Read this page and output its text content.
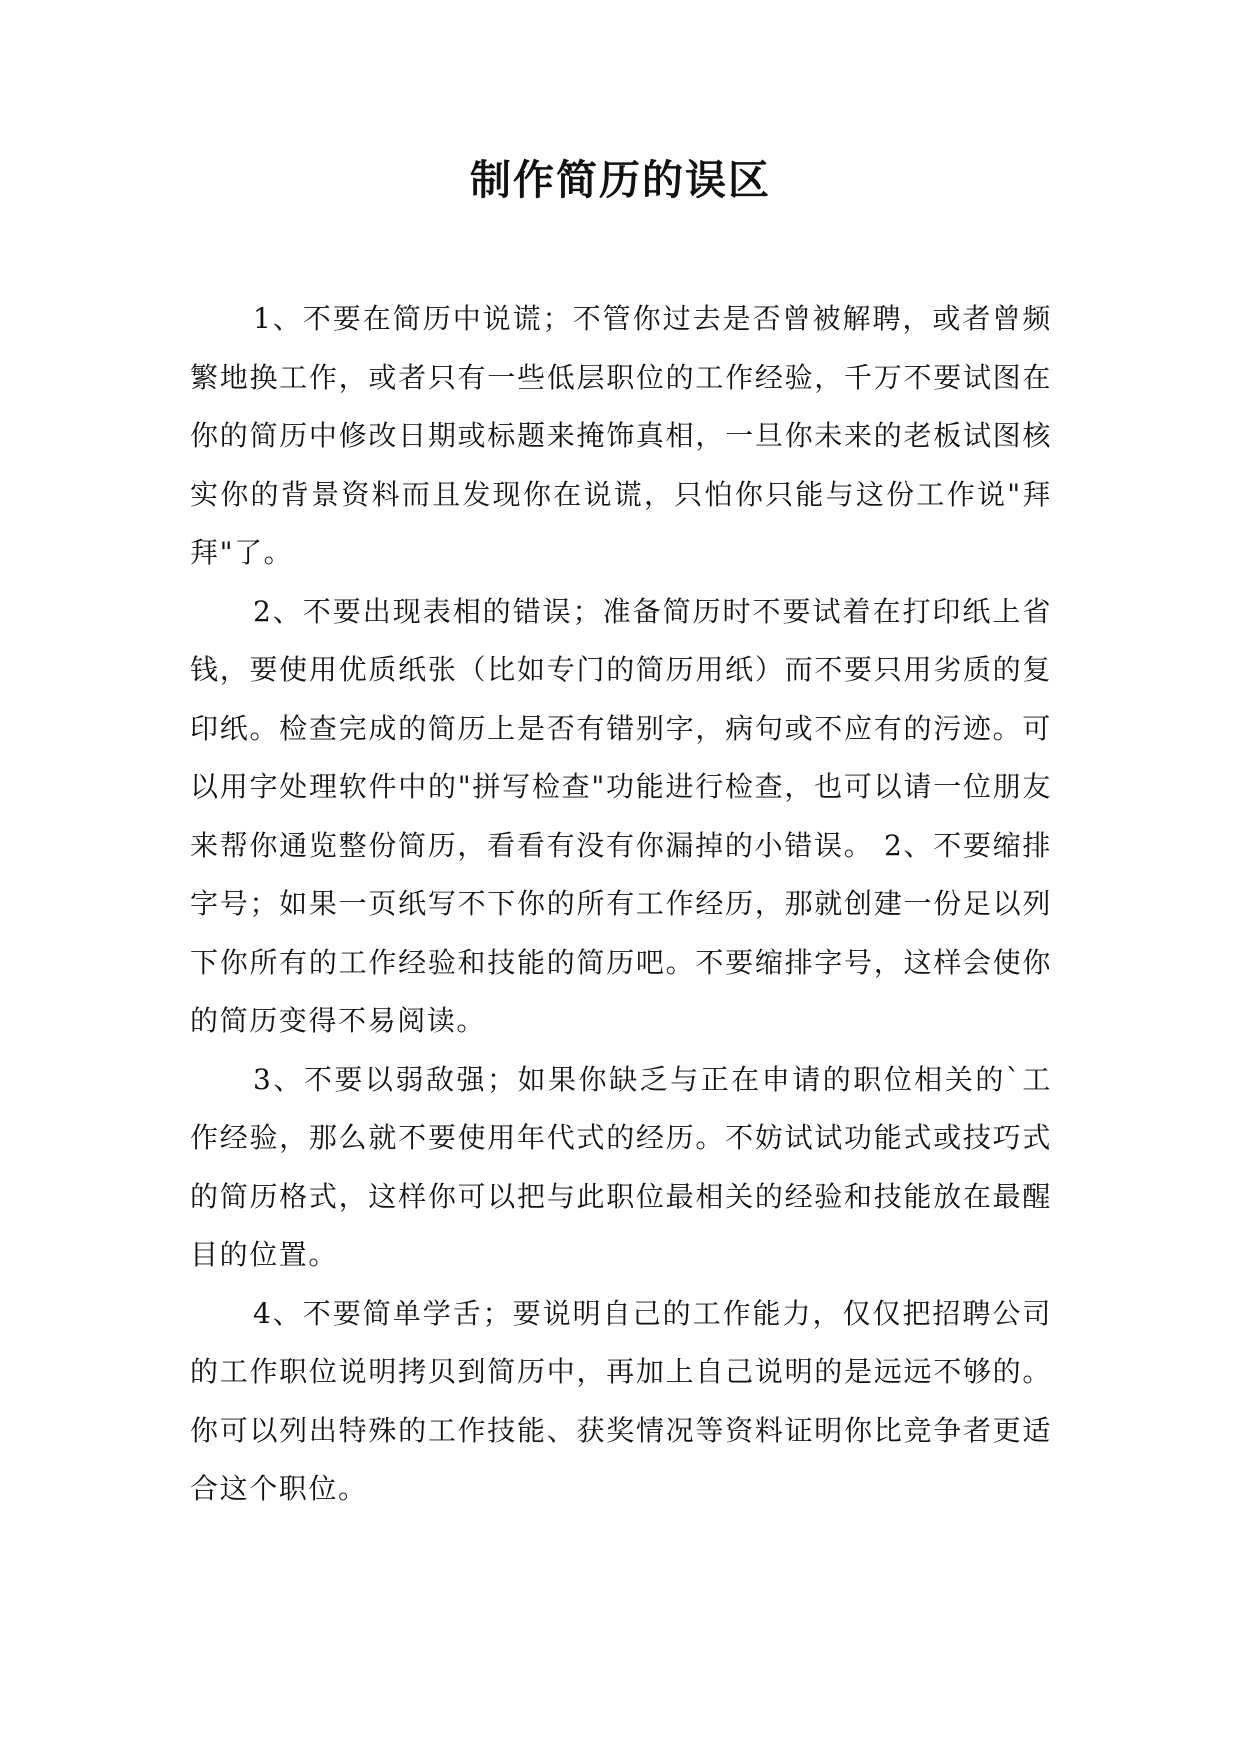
制作简历的误区

1、不要在简历中说谎；不管你过去是否曾被解聘，或者曾频繁地换工作，或者只有一些低层职位的工作经验，千万不要试图在你的简历中修改日期或标题来掩饰真相，一旦你未来的老板试图核实你的背景资料而且发现你在说谎，只怕你只能与这份工作说"拜拜"了。

2、不要出现表相的错误；准备简历时不要试着在打印纸上省钱，要使用优质纸张（比如专门的简历用纸）而不要只用劣质的复印纸。检查完成的简历上是否有错别字，病句或不应有的污迹。可以用字处理软件中的"拼写检查"功能进行检查，也可以请一位朋友来帮你通览整份简历，看看有没有你漏掉的小错误。 2、不要缩排字号；如果一页纸写不下你的所有工作经历，那就创建一份足以列下你所有的工作经验和技能的简历吧。不要缩排字号，这样会使你的简历变得不易阅读。

3、不要以弱敌强；如果你缺乏与正在申请的职位相关的`工作经验，那么就不要使用年代式的经历。不妨试试功能式或技巧式的简历格式，这样你可以把与此职位最相关的经验和技能放在最醒目的位置。

4、不要简单学舌；要说明自己的工作能力，仅仅把招聘公司的工作职位说明拷贝到简历中，再加上自己说明的是远远不够的。你可以列出特殊的工作技能、获奖情况等资料证明你比竞争者更适合这个职位。
